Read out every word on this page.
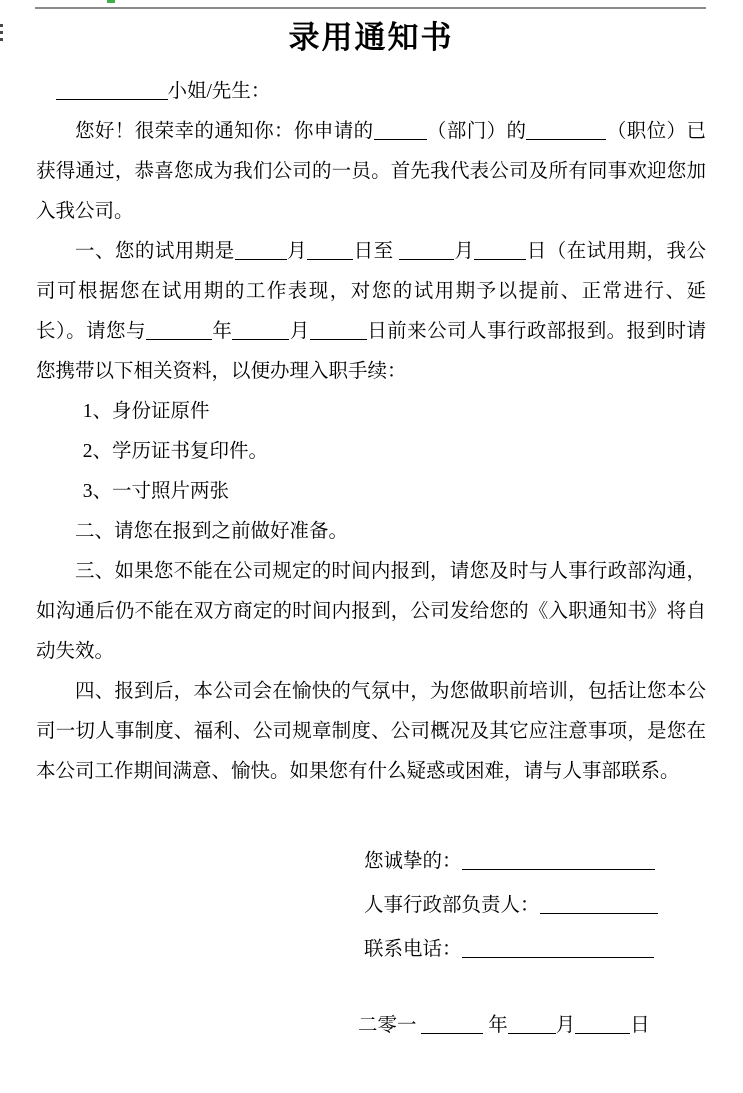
录用通知书

小姐/先生：

您好！很荣幸的通知你：你申请的	（部门）的	（职位）已获得通过，恭喜您成为我们公司的一员。首先我代表公司及所有同事欢迎您加入我公司。

一、您的试用期是	月 日至	月	日（在试用期，我公司可根据您在试用期的工作表现，对您的试用期予以提前、正常进行、延长）。请您与	年	月	日前来公司人事行政部报到。报到时请您携带以下相关资料，以便办理入职手续：

1、身份证原件

2、学历证书复印件。

3、一寸照片两张

二、请您在报到之前做好准备。

三、如果您不能在公司规定的时间内报到，请您及时与人事行政部沟通，如沟通后仍不能在双方商定的时间内报到，公司发给您的《入职通知书》将自动失效。

四、报到后，本公司会在愉快的气氛中，为您做职前培训，包括让您本公司一切人事制度、福利、公司规章制度、公司概况及其它应注意事项，是您在本公司工作期间满意、愉快。如果您有什么疑惑或困难，请与人事部联系。

您诚挚的：
人事行政部负责人：
联系电话：
二零一	年 月	日
